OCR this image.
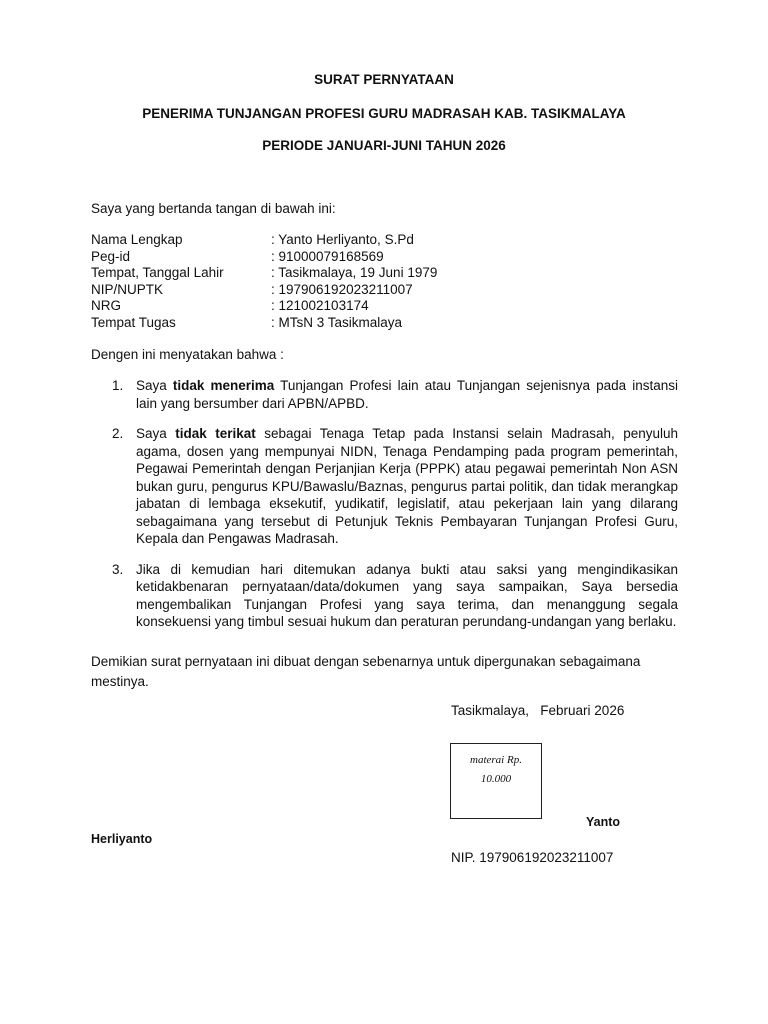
SURAT PERNYATAAN
PENERIMA TUNJANGAN PROFESI GURU MADRASAH KAB. TASIKMALAYA
PERIODE JANUARI-JUNI TAHUN 2026
Saya yang bertanda tangan di bawah ini:
Nama Lengkap	: Yanto Herliyanto, S.Pd
Peg-id	: 91000079168569
Tempat, Tanggal Lahir	: Tasikmalaya, 19 Juni 1979
NIP/NUPTK	: 197906192023211007
NRG	: 121002103174
Tempat Tugas	: MTsN 3 Tasikmalaya
Dengen ini menyatakan bahwa :
1. Saya tidak menerima Tunjangan Profesi lain atau Tunjangan sejenisnya pada instansi lain yang bersumber dari APBN/APBD.
2. Saya tidak terikat sebagai Tenaga Tetap pada Instansi selain Madrasah, penyuluh agama, dosen yang mempunyai NIDN, Tenaga Pendamping pada program pemerintah, Pegawai Pemerintah dengan Perjanjian Kerja (PPPK) atau pegawai pemerintah Non ASN bukan guru, pengurus KPU/Bawaslu/Baznas, pengurus partai politik, dan tidak merangkap jabatan di lembaga eksekutif, yudikatif, legislatif, atau pekerjaan lain yang dilarang sebagaimana yang tersebut di Petunjuk Teknis Pembayaran Tunjangan Profesi Guru, Kepala dan Pengawas Madrasah.
3. Jika di kemudian hari ditemukan adanya bukti atau saksi yang mengindikasikan ketidakbenaran pernyataan/data/dokumen yang saya sampaikan, Saya bersedia mengembalikan Tunjangan Profesi yang saya terima, dan menanggung segala konsekuensi yang timbul sesuai hukum dan peraturan perundang-undangan yang berlaku.
Demikian surat pernyataan ini dibuat dengan sebenarnya untuk dipergunakan sebagaimana mestinya.
Tasikmalaya,   Februari 2026
materai Rp.
10.000
Yanto
Herliyanto
NIP. 197906192023211007
